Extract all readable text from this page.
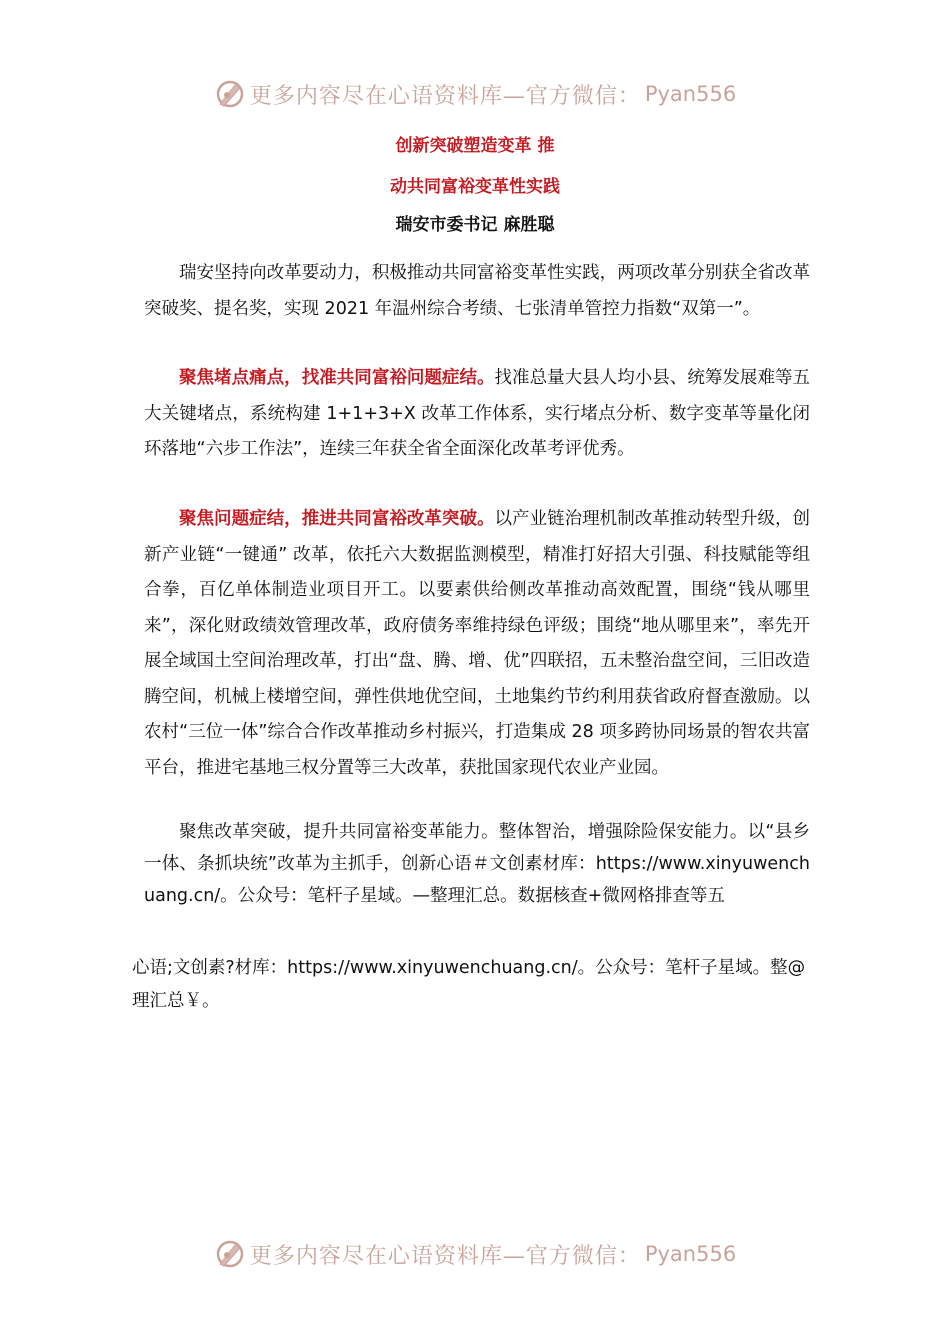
更多内容尽在心语资料库—官方微信： Pyan556
创新突破塑造变革 推
动共同富裕变革性实践
瑞安市委书记 麻胜聪

瑞安坚持向改革要动力，积极推动共同富裕变革性实践，两项改革分别获全省改革突破奖、提名奖，实现 2021 年温州综合考绩、七张清单管控力指数“双第一”。

聚焦堵点痛点，找准共同富裕问题症结。找准总量大县人均小县、统筹发展难等五大关键堵点，系统构建 1+1+3+X 改革工作体系，实行堵点分析、数字变革等量化闭环落地“六步工作法”，连续三年获全省全面深化改革考评优秀。

聚焦问题症结，推进共同富裕改革突破。以产业链治理机制改革推动转型升级，创新产业链“一键通” 改革，依托六大数据监测模型，精准打好招大引强、科技赋能等组合拳，百亿单体制造业项目开工。以要素供给侧改革推动高效配置，围绕“钱从哪里来”，深化财政绩效管理改革，政府债务率维持绿色评级；围绕“地从哪里来”，率先开展全域国土空间治理改革，打出“盘、腾、增、优”四联招，五未整治盘空间，三旧改造腾空间，机械上楼增空间，弹性供地优空间，土地集约节约利用获省政府督查激励。以农村“三位一体”综合合作改革推动乡村振兴，打造集成 28 项多跨协同场景的智农共富平台，推进宅基地三权分置等三大改革，获批国家现代农业产业园。

聚焦改革突破，提升共同富裕变革能力。整体智治，增强除险保安能力。以“县乡一体、条抓块统”改革为主抓手，创新心语＃文创素材库：https://www.xinyuwenchuang.cn/。公众号：笔杆子星域。—整理汇总。数据核查+微网格排查等五

心语;文创素?材库：https://www.xinyuwenchuang.cn/。公众号：笔杆子星域。整@理汇总￥。

更多内容尽在心语资料库—官方微信： Pyan556
